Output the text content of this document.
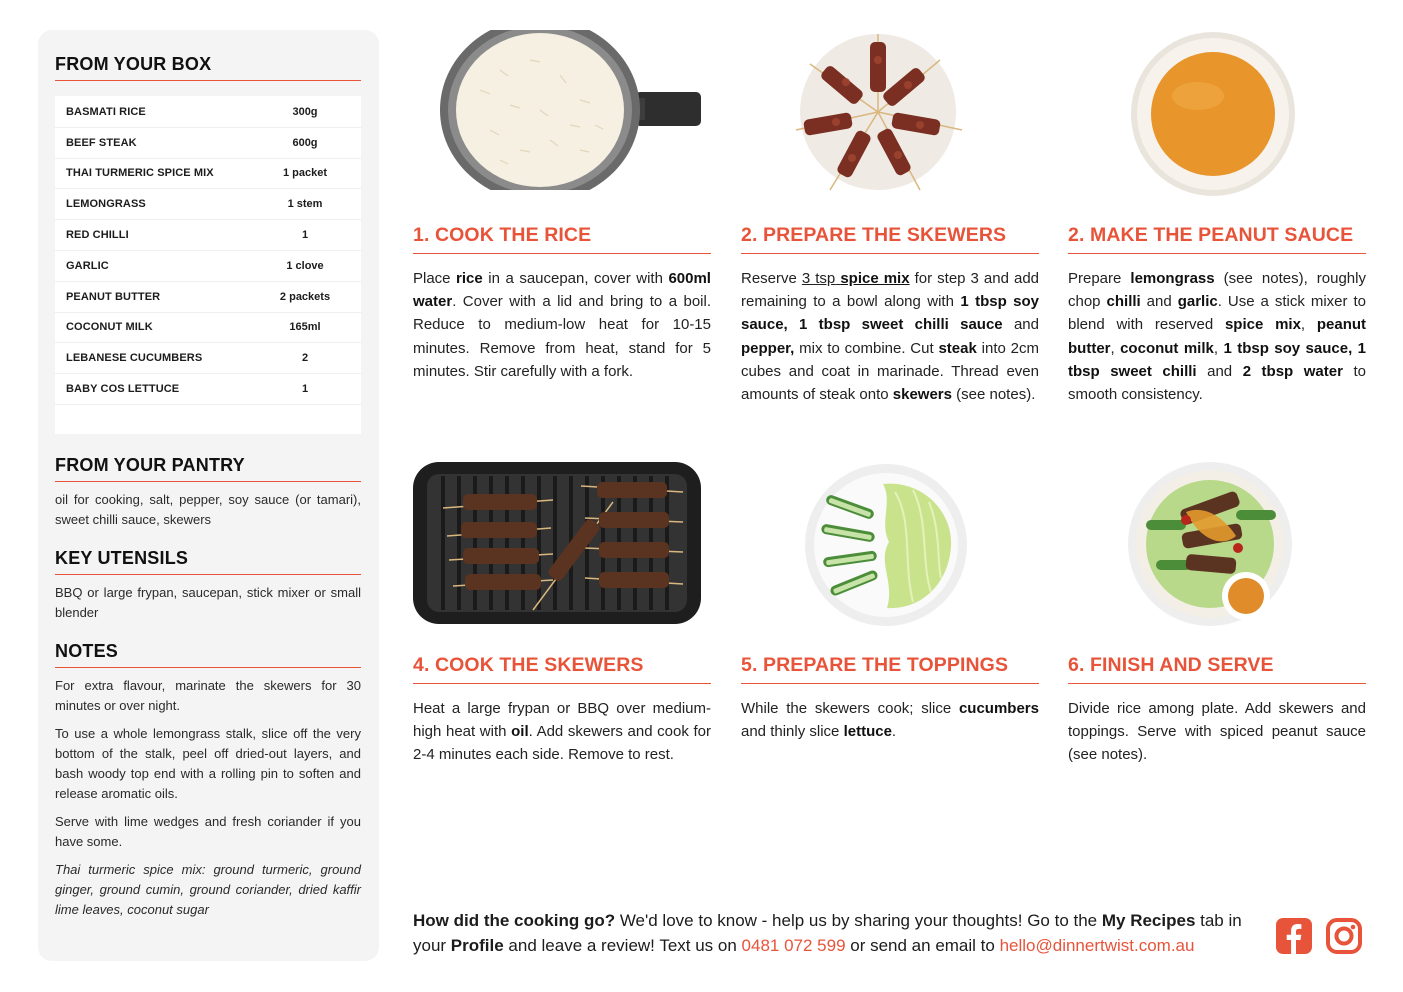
FROM YOUR BOX
BASMATI RICE	300g
BEEF STEAK	600g
THAI TURMERIC SPICE MIX	1 packet
LEMONGRASS	1 stem
RED CHILLI	1
GARLIC	1 clove
PEANUT BUTTER	2 packets
COCONUT MILK	165ml
LEBANESE CUCUMBERS	2
BABY COS LETTUCE	1
FROM YOUR PANTRY

oil for cooking, salt, pepper, soy sauce (or tamari), sweet chilli sauce, skewers

KEY UTENSILS

BBQ or large frypan, saucepan, stick mixer or small blender

NOTES

For extra flavour, marinate the skewers for 30 minutes or over night.

To use a whole lemongrass stalk, slice off the very bottom of the stalk, peel off dried-out layers, and bash woody top end with a rolling pin to soften and release aromatic oils.

Serve with lime wedges and fresh coriander if you have some.

Thai turmeric spice mix: ground turmeric, ground ginger, ground cumin, ground coriander, dried kaffir lime leaves, coconut sugar

1. COOK THE RICE

Place rice in a saucepan, cover with 600ml water. Cover with a lid and bring to a boil. Reduce to medium-low heat for 10-15 minutes. Remove from heat, stand for 5 minutes. Stir carefully with a fork.

2. PREPARE THE SKEWERS

Reserve 3 tsp spice mix for step 3 and add remaining to a bowl along with 1 tbsp soy sauce, 1 tbsp sweet chilli sauce and pepper, mix to combine. Cut steak into 2cm cubes and coat in marinade. Thread even amounts of steak onto skewers (see notes).

2. MAKE THE PEANUT SAUCE

Prepare lemongrass (see notes), roughly chop chilli and garlic. Use a stick mixer to blend with reserved spice mix, peanut butter, coconut milk, 1 tbsp soy sauce, 1 tbsp sweet chilli and 2 tbsp water to smooth consistency.

4. COOK THE SKEWERS

Heat a large frypan or BBQ over medium-high heat with oil. Add skewers and cook for 2-4 minutes each side. Remove to rest.

5. PREPARE THE TOPPINGS

While the skewers cook; slice cucumbers and thinly slice lettuce.

6. FINISH AND SERVE

Divide rice among plate. Add skewers and toppings. Serve with spiced peanut sauce (see notes).

How did the cooking go? We'd love to know - help us by sharing your thoughts! Go to the My Recipes tab in your Profile and leave a review! Text us on 0481 072 599 or send an email to hello@dinnertwist.com.au
